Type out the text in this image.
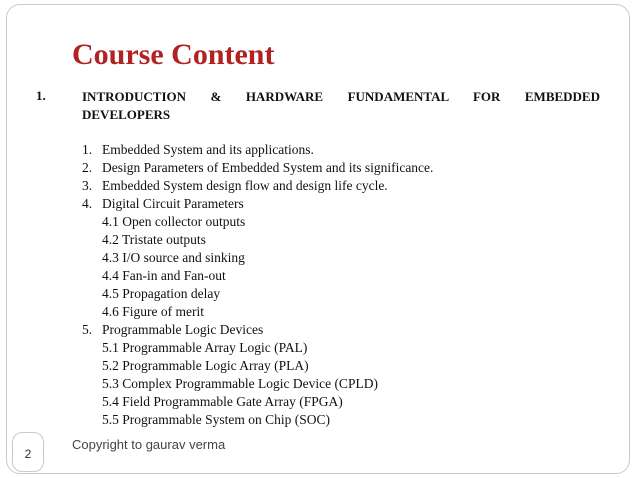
Course Content
1.	INTRODUCTION & HARDWARE FUNDAMENTAL FOR EMBEDDED
DEVELOPERS
1. Embedded System and its applications.
2. Design Parameters of Embedded System and its significance.
3. Embedded System design flow and design life cycle.
4. Digital Circuit Parameters
4.1 Open collector outputs
4.2 Tristate outputs
4.3 I/O source and sinking
4.4 Fan-in and Fan-out
4.5 Propagation delay
4.6 Figure of merit
5. Programmable Logic Devices
5.1 Programmable Array Logic (PAL)
5.2 Programmable Logic Array (PLA)
5.3 Complex Programmable Logic Device (CPLD)
5.4 Field Programmable Gate Array (FPGA)
5.5 Programmable System on Chip (SOC)
2
Copyright to gaurav verma
